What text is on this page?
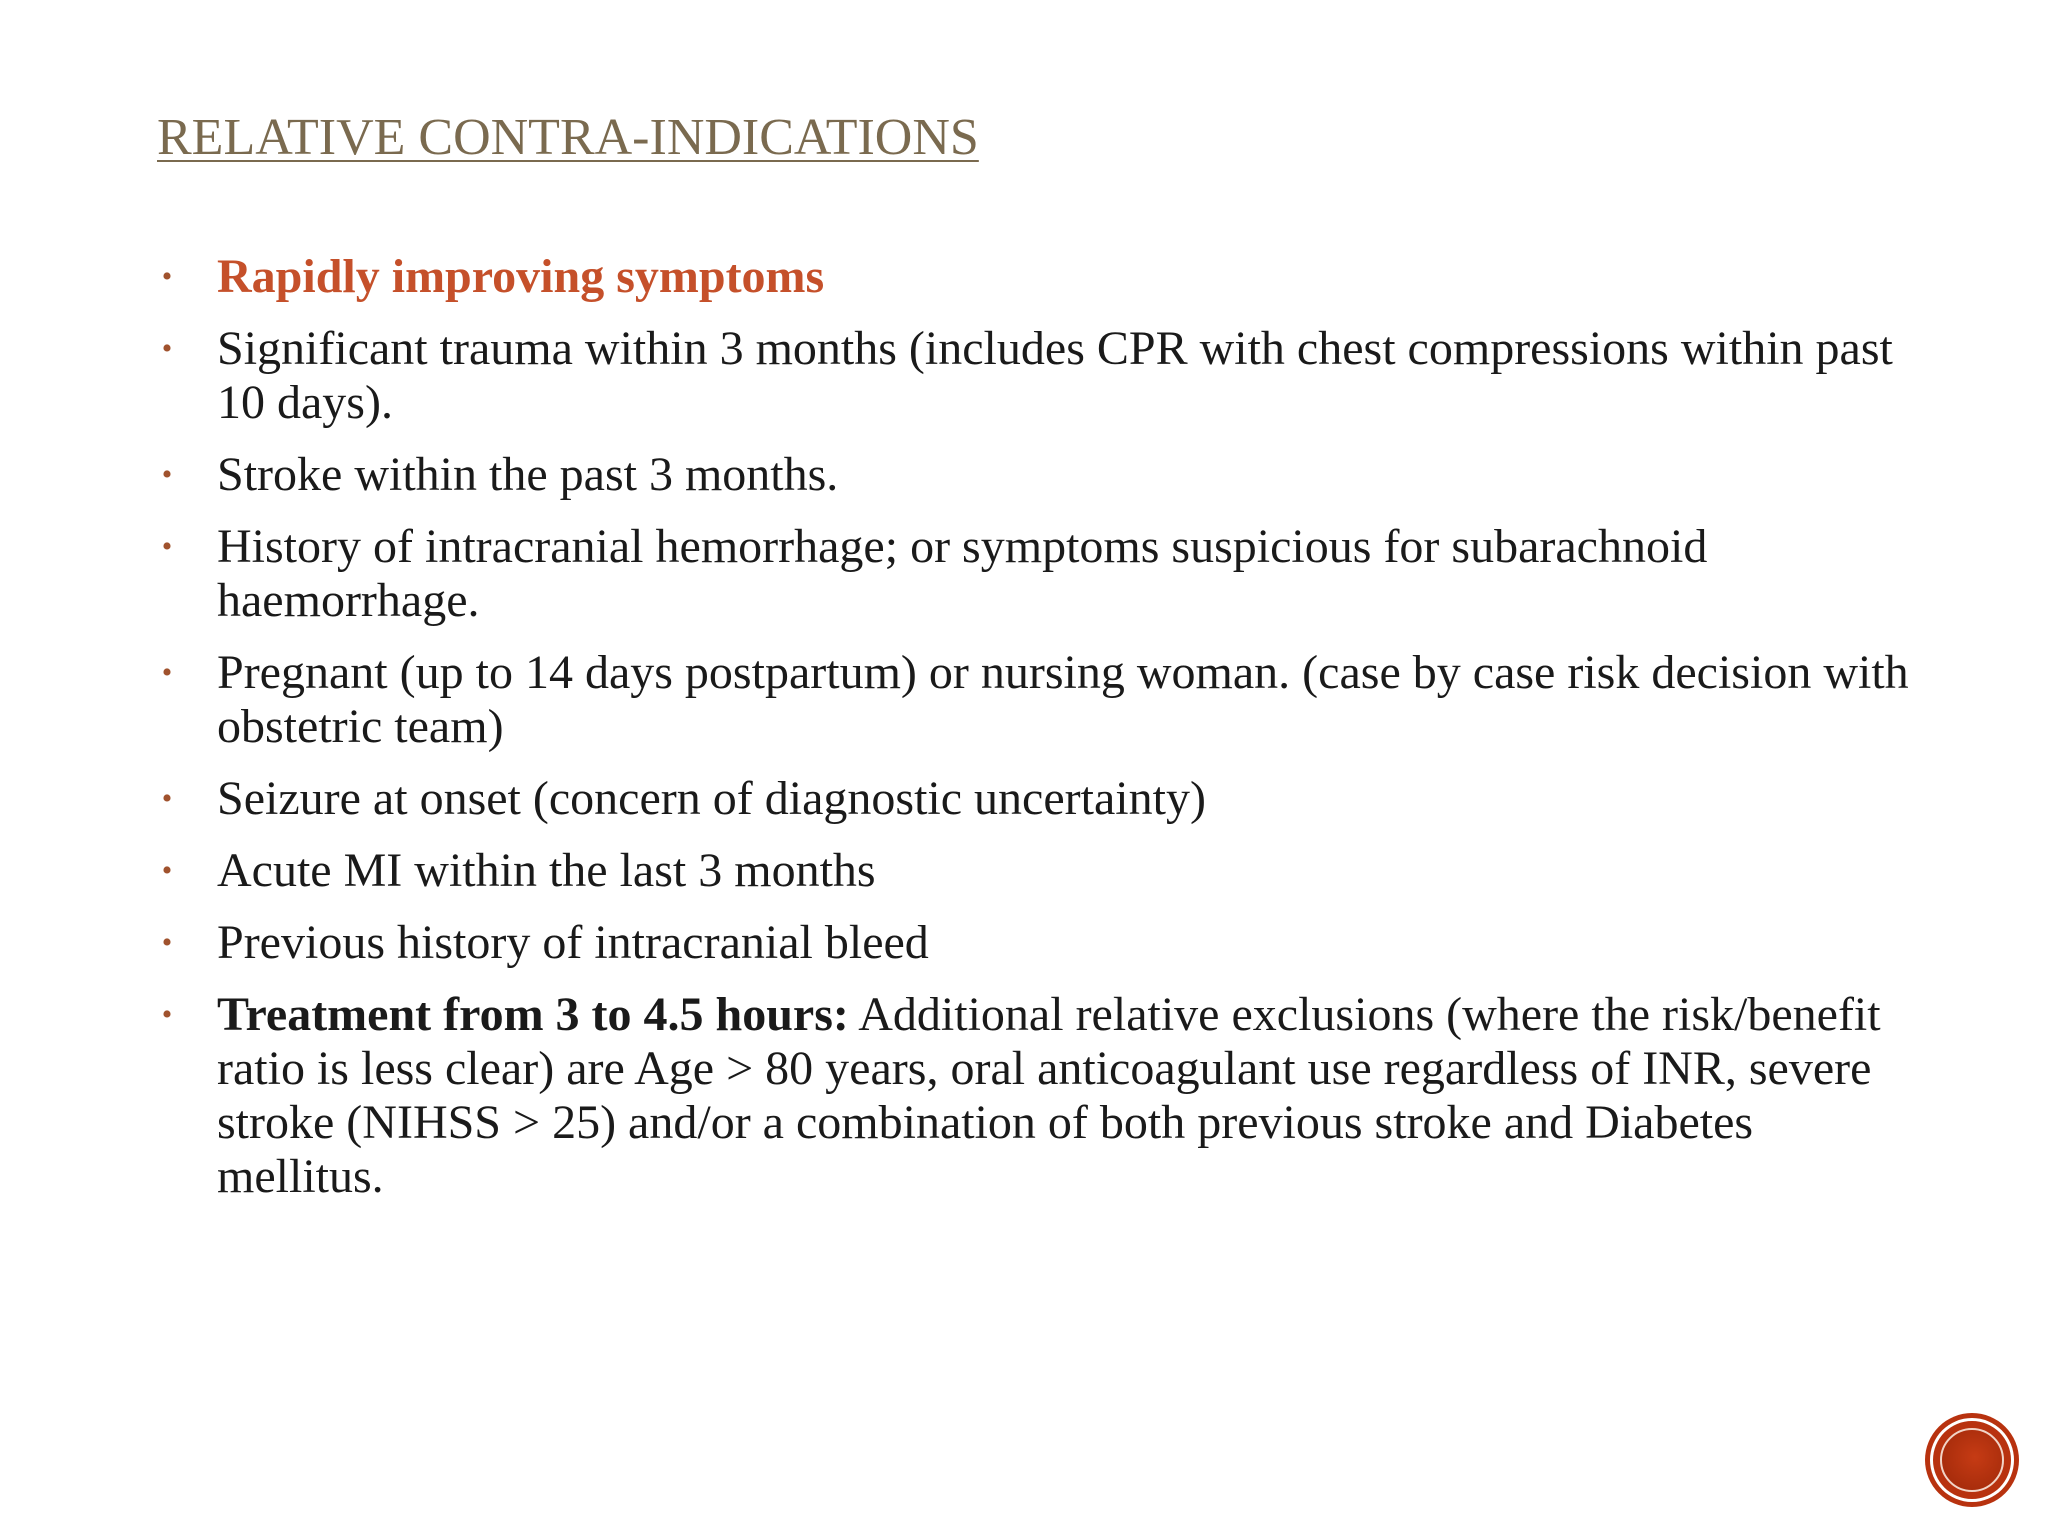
RELATIVE CONTRA-INDICATIONS
• Rapidly improving symptoms
• Significant trauma within 3 months (includes CPR with chest compressions within past 10 days).
• Stroke within the past 3 months.
• History of intracranial hemorrhage; or symptoms suspicious for subarachnoid haemorrhage.
• Pregnant (up to 14 days postpartum) or nursing woman. (case by case risk decision with obstetric team)
• Seizure at onset (concern of diagnostic uncertainty)
• Acute MI within the last 3 months
• Previous history of intracranial bleed
• Treatment from 3 to 4.5 hours: Additional relative exclusions (where the risk/benefit ratio is less clear) are Age > 80 years, oral anticoagulant use regardless of INR, severe stroke (NIHSS > 25) and/or a combination of both previous stroke and Diabetes mellitus.
